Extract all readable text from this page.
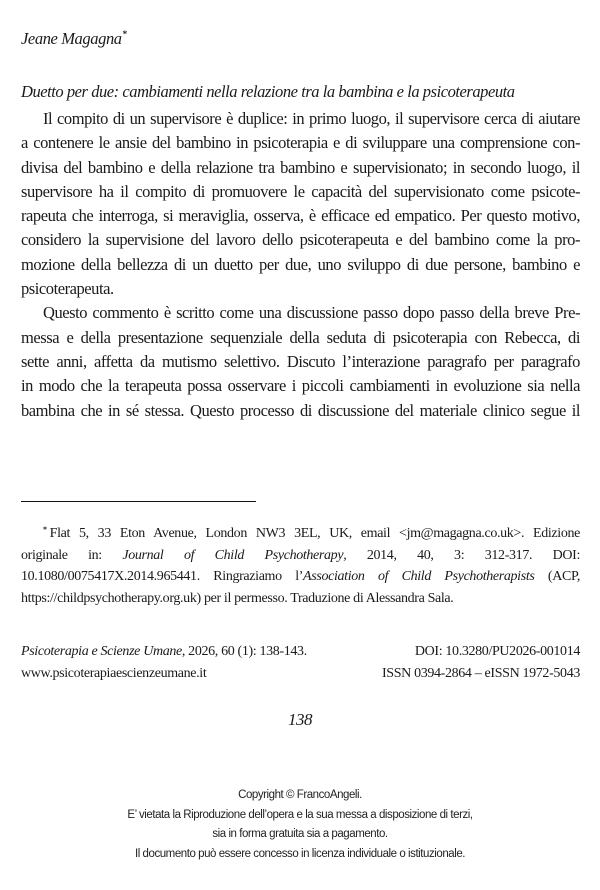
Jeane Magagna*
Duetto per due: cambiamenti nella relazione tra la bambina e la psicoterapeuta
Il compito di un supervisore è duplice: in primo luogo, il supervisore cerca di aiutare
a contenere le ansie del bambino in psicoterapia e di sviluppare una comprensione con-
divisa del bambino e della relazione tra bambino e supervisionato; in secondo luogo, il
supervisore ha il compito di promuovere le capacità del supervisionato come psicote-
rapeuta che interroga, si meraviglia, osserva, è efficace ed empatico. Per questo motivo,
considero la supervisione del lavoro dello psicoterapeuta e del bambino come la pro-
mozione della bellezza di un duetto per due, uno sviluppo di due persone, bambino e
psicoterapeuta.
Questo commento è scritto come una discussione passo dopo passo della breve Pre-
messa e della presentazione sequenziale della seduta di psicoterapia con Rebecca, di
sette anni, affetta da mutismo selettivo. Discuto l’interazione paragrafo per paragrafo
in modo che la terapeuta possa osservare i piccoli cambiamenti in evoluzione sia nella
bambina che in sé stessa. Questo processo di discussione del materiale clinico segue il
* Flat 5, 33 Eton Avenue, London NW3 3EL, UK, email <jm@magagna.co.uk>. Edizione
originale in: Journal of Child Psychotherapy, 2014, 40, 3: 312-317. DOI:
10.1080/0075417X.2014.965441. Ringraziamo l’Association of Child Psychotherapists (ACP,
https://childpsychotherapy.org.uk) per il permesso. Traduzione di Alessandra Sala.
Psicoterapia e Scienze Umane, 2026, 60 (1): 138-143.	DOI: 10.3280/PU2026-001014
www.psicoterapiaescienzeumane.it	ISSN 0394-2864 – eISSN 1972-5043
138
Copyright © FrancoAngeli.
E’ vietata la Riproduzione dell’opera e la sua messa a disposizione di terzi,
sia in forma gratuita sia a pagamento.
Il documento può essere concesso in licenza individuale o istituzionale.
